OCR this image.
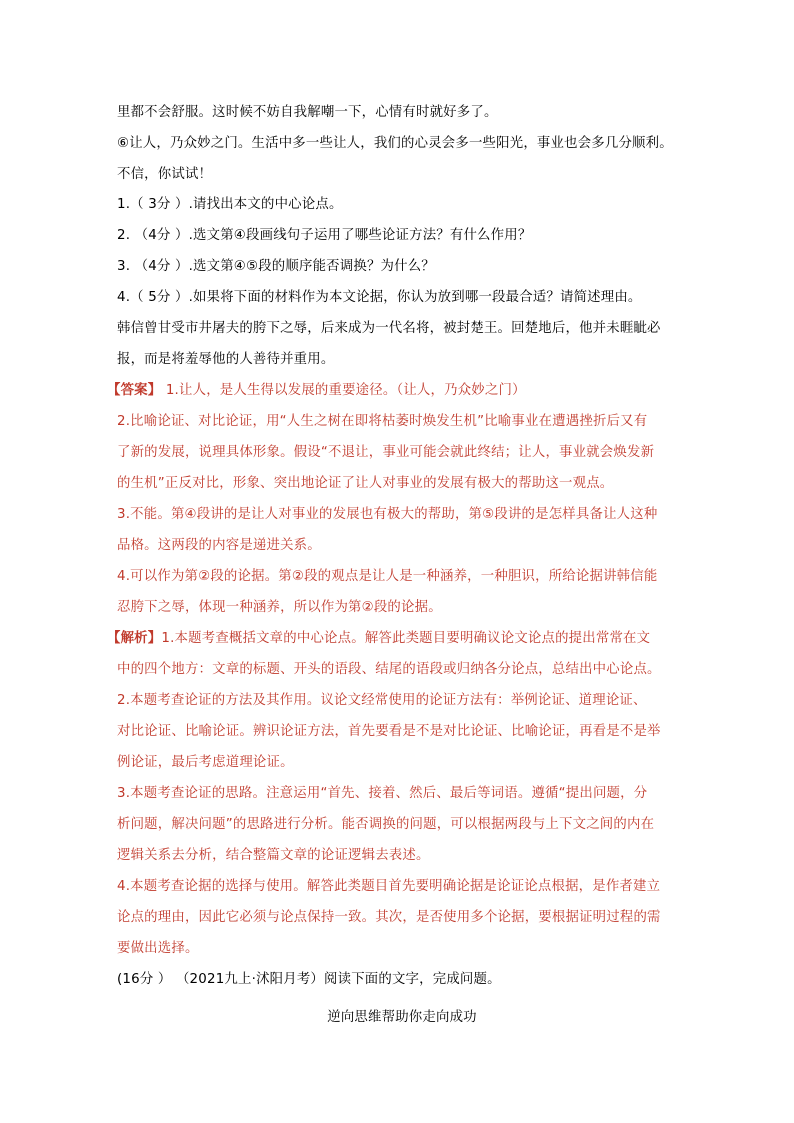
里都不会舒服。这时候不妨自我解嘲一下，心情有时就好多了。
⑥让人，乃众妙之门。生活中多一些让人，我们的心灵会多一些阳光，事业也会多几分顺利。
不信，你试试！
1.（ 3分 ）.请找出本文的中心论点。
2. （4分 ）.选文第④段画线句子运用了哪些论证方法？有什么作用？
3. （4分 ）.选文第④⑤段的顺序能否调换？为什么？
4.（ 5分 ）.如果将下面的材料作为本文论据，你认为放到哪一段最合适？请简述理由。
韩信曾甘受市井屠夫的胯下之辱，后来成为一代名将，被封楚王。回楚地后，他并未睚眦必
报，而是将羞辱他的人善待并重用。
【答案】 1.让人，是人生得以发展的重要途径。（让人，乃众妙之门）
2.比喻论证、对比论证，用“人生之树在即将枯萎时焕发生机”比喻事业在遭遇挫折后又有
了新的发展，说理具体形象。假设“不退让，事业可能会就此终结；让人，事业就会焕发新
的生机”正反对比，形象、突出地论证了让人对事业的发展有极大的帮助这一观点。
3.不能。第④段讲的是让人对事业的发展也有极大的帮助，第⑤段讲的是怎样具备让人这种
品格。这两段的内容是递进关系。
4.可以作为第②段的论据。第②段的观点是让人是一种涵养，一种胆识，所给论据讲韩信能
忍胯下之辱，体现一种涵养，所以作为第②段的论据。
【解析】1.本题考查概括文章的中心论点。解答此类题目要明确议论文论点的提出常常在文
中的四个地方：文章的标题、开头的语段、结尾的语段或归纳各分论点，总结出中心论点。
2.本题考查论证的方法及其作用。议论文经常使用的论证方法有：举例论证、道理论证、
对比论证、比喻论证。辨识论证方法，首先要看是不是对比论证、比喻论证，再看是不是举
例论证，最后考虑道理论证。
3.本题考查论证的思路。注意运用“首先、接着、然后、最后等词语。遵循“提出问题，分
析问题，解决问题”的思路进行分析。能否调换的问题，可以根据两段与上下文之间的内在
逻辑关系去分析，结合整篇文章的论证逻辑去表述。
4.本题考查论据的选择与使用。解答此类题目首先要明确论据是论证论点根据，是作者建立
论点的理由，因此它必须与论点保持一致。其次，是否使用多个论据，要根据证明过程的需
要做出选择。
(16分 ） （2021九上·沭阳月考）阅读下面的文字，完成问题。
逆向思维帮助你走向成功
